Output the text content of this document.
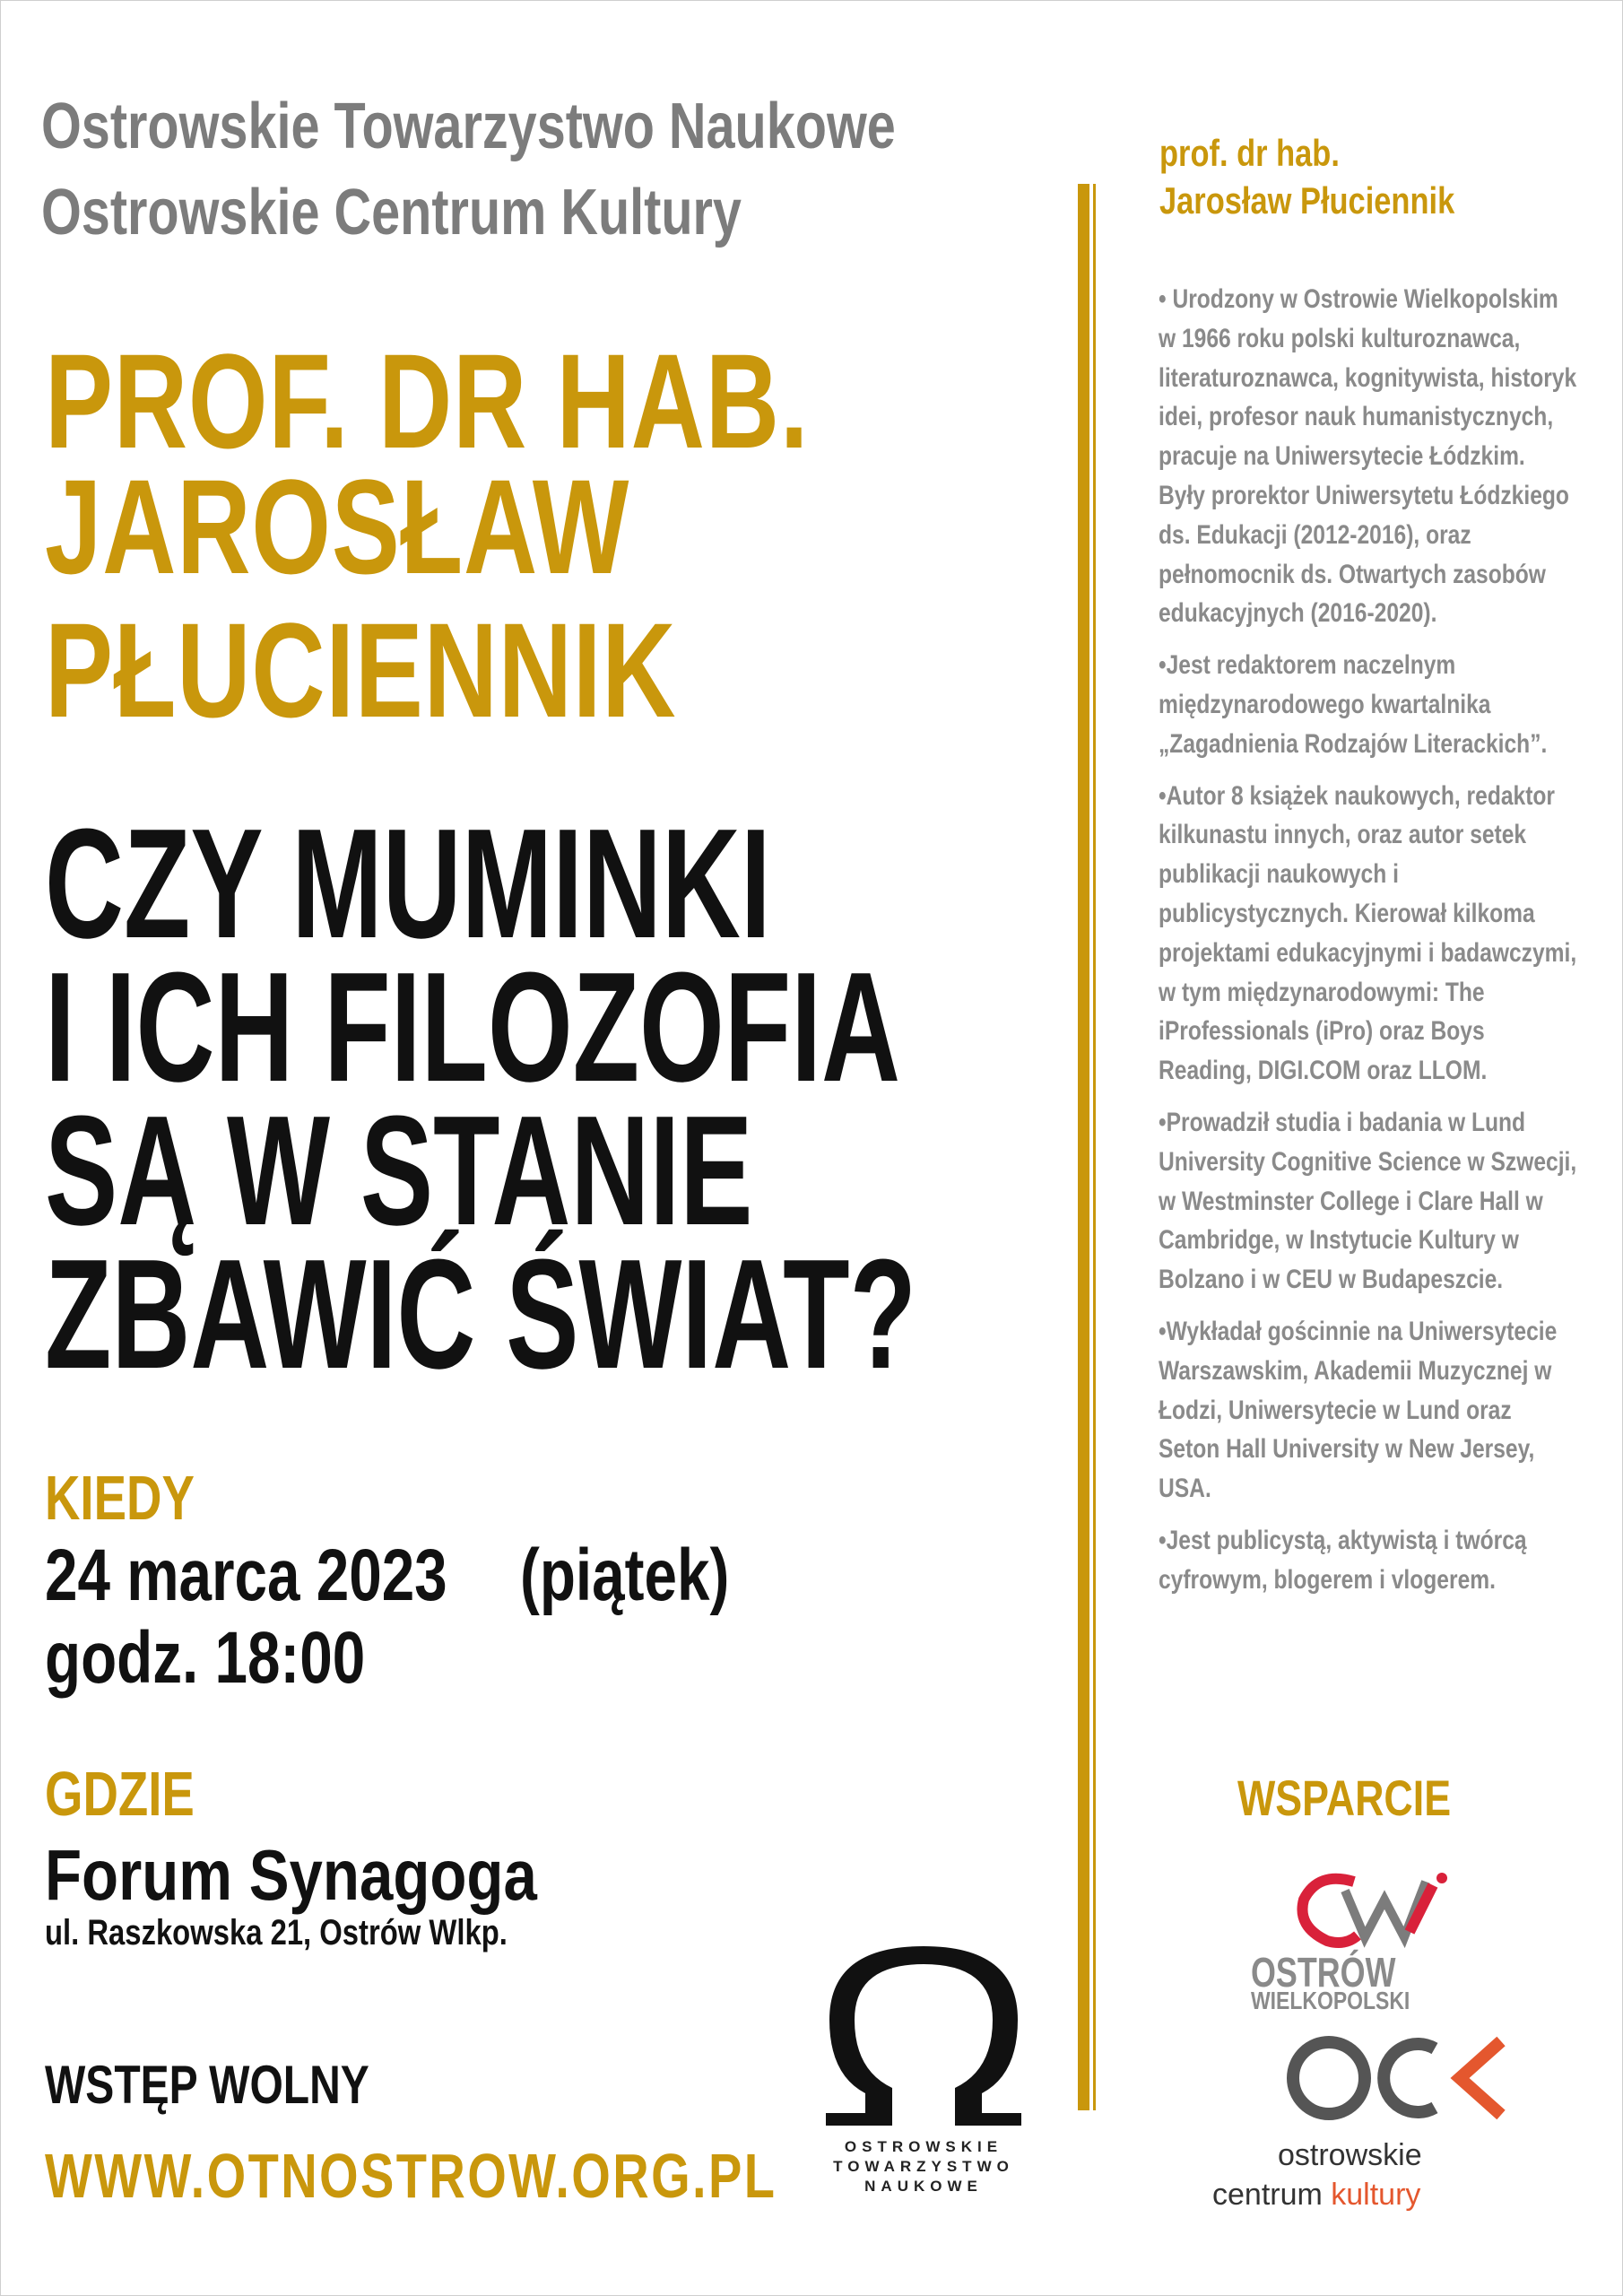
Ostrowskie Towarzystwo Naukowe
Ostrowskie Centrum Kultury
PROF. DR HAB.
JAROSŁAW
PŁUCIENNIK
CZY MUMINKI
I ICH FILOZOFIA
SĄ W STANIE
ZBAWIĆ ŚWIAT?
KIEDY
24 marca 2023 (piątek)
godz. 18:00
GDZIE
Forum Synagoga
ul. Raszkowska 21, Ostrów Wlkp.
WSTĘP WOLNY
WWW.OTNOSTROW.ORG.PL
prof. dr hab.
Jarosław Płuciennik

• Urodzony w Ostrowie Wielkopolskim w 1966 roku polski kulturoznawca, literaturoznawca, kognitywista, historyk idei, profesor nauk humanistycznych, pracuje na Uniwersytecie Łódzkim. Były prorektor Uniwersytetu Łódzkiego ds. Edukacji (2012-2016), oraz pełnomocnik ds. Otwartych zasobów edukacyjnych (2016-2020).

•Jest redaktorem naczelnym międzynarodowego kwartalnika „Zagadnienia Rodzajów Literackich”.

•Autor 8 książek naukowych, redaktor kilkunastu innych, oraz autor setek publikacji naukowych i publicystycznych. Kierował kilkoma projektami edukacyjnymi i badawczymi, w tym międzynarodowymi: The iProfessionals (iPro) oraz Boys Reading, DIGI.COM oraz LLOM.

•Prowadził studia i badania w Lund University Cognitive Science w Szwecji, w Westminster College i Clare Hall w Cambridge, w Instytucie Kultury w Bolzano i w CEU w Budapeszcie.

•Wykładał gościnnie na Uniwersytecie Warszawskim, Akademii Muzycznej w Łodzi, Uniwersytecie w Lund oraz Seton Hall University w New Jersey, USA.

•Jest publicystą, aktywistą i twórcą cyfrowym, blogerem i vlogerem.

WSPARCIE
OSTROWSKIE
TOWARZYSTWO
NAUKOWE
OSTRÓW
WIELKOPOLSKI
ostrowskie
centrum kultury
